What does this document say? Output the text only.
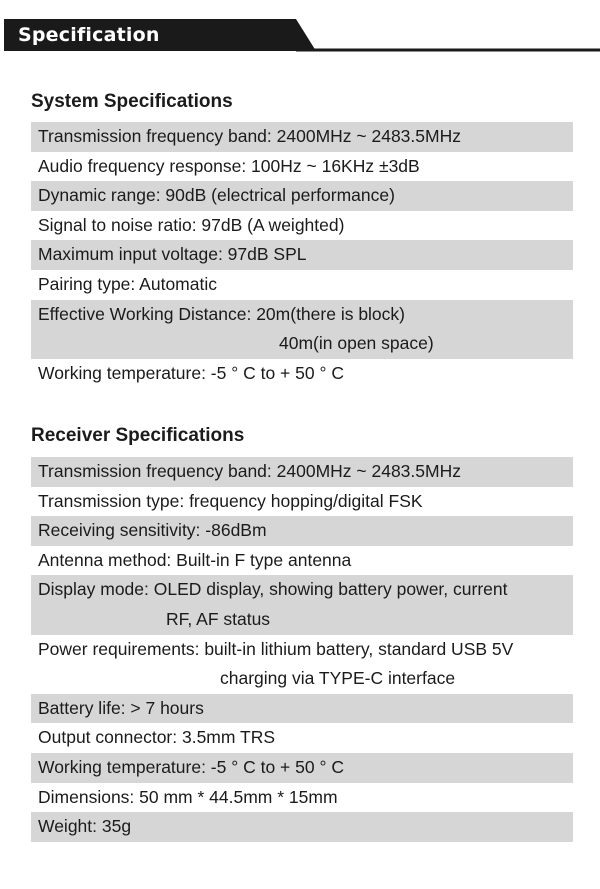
Specification
System Specifications
Transmission frequency band: 2400MHz ~ 2483.5MHz
Audio frequency response: 100Hz ~ 16KHz ±3dB
Dynamic range: 90dB (electrical performance)
Signal to noise ratio: 97dB (A weighted)
Maximum input voltage: 97dB SPL
Pairing type: Automatic
Effective Working Distance: 20m(there is block)
40m(in open space)
Working temperature: -5 ° C to + 50 ° C
Receiver Specifications
Transmission frequency band: 2400MHz ~ 2483.5MHz
Transmission type: frequency hopping/digital FSK
Receiving sensitivity: -86dBm
Antenna method: Built-in F type antenna
Display mode: OLED display, showing battery power, current
RF, AF status
Power requirements: built-in lithium battery, standard USB 5V
charging via TYPE-C interface
Battery life: > 7 hours
Output connector: 3.5mm TRS
Working temperature: -5 ° C to + 50 ° C
Dimensions: 50 mm * 44.5mm * 15mm
Weight: 35g
